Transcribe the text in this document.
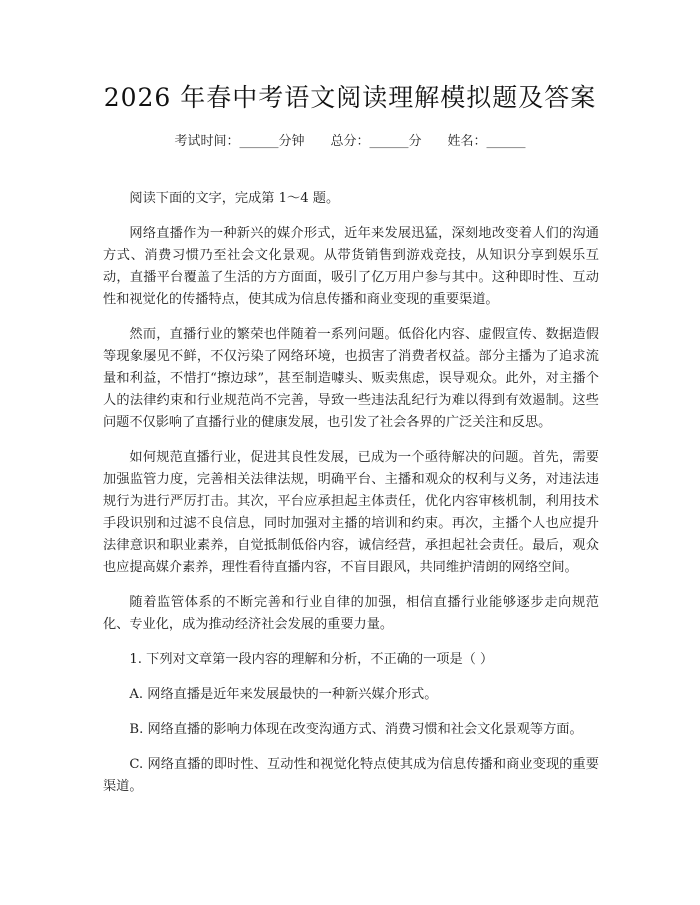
2026 年春中考语文阅读理解模拟题及答案
考试时间：______分钟 总分：______分 姓名：______

阅读下面的文字，完成第 1～4 题。

网络直播作为一种新兴的媒介形式，近年来发展迅猛，深刻地改变着人们的沟通方式、消费习惯乃至社会文化景观。从带货销售到游戏竞技，从知识分享到娱乐互动，直播平台覆盖了生活的方方面面，吸引了亿万用户参与其中。这种即时性、互动性和视觉化的传播特点，使其成为信息传播和商业变现的重要渠道。

然而，直播行业的繁荣也伴随着一系列问题。低俗化内容、虚假宣传、数据造假等现象屡见不鲜，不仅污染了网络环境，也损害了消费者权益。部分主播为了追求流量和利益，不惜打“擦边球”，甚至制造噱头、贩卖焦虑，误导观众。此外，对主播个人的法律约束和行业规范尚不完善，导致一些违法乱纪行为难以得到有效遏制。这些问题不仅影响了直播行业的健康发展，也引发了社会各界的广泛关注和反思。

如何规范直播行业，促进其良性发展，已成为一个亟待解决的问题。首先，需要加强监管力度，完善相关法律法规，明确平台、主播和观众的权利与义务，对违法违规行为进行严厉打击。其次，平台应承担起主体责任，优化内容审核机制，利用技术手段识别和过滤不良信息，同时加强对主播的培训和约束。再次，主播个人也应提升法律意识和职业素养，自觉抵制低俗内容，诚信经营，承担起社会责任。最后，观众也应提高媒介素养，理性看待直播内容，不盲目跟风，共同维护清朗的网络空间。

随着监管体系的不断完善和行业自律的加强，相信直播行业能够逐步走向规范化、专业化，成为推动经济社会发展的重要力量。

1. 下列对文章第一段内容的理解和分析，不正确的一项是（ ）

A. 网络直播是近年来发展最快的一种新兴媒介形式。

B. 网络直播的影响力体现在改变沟通方式、消费习惯和社会文化景观等方面。

C. 网络直播的即时性、互动性和视觉化特点使其成为信息传播和商业变现的重要渠道。
